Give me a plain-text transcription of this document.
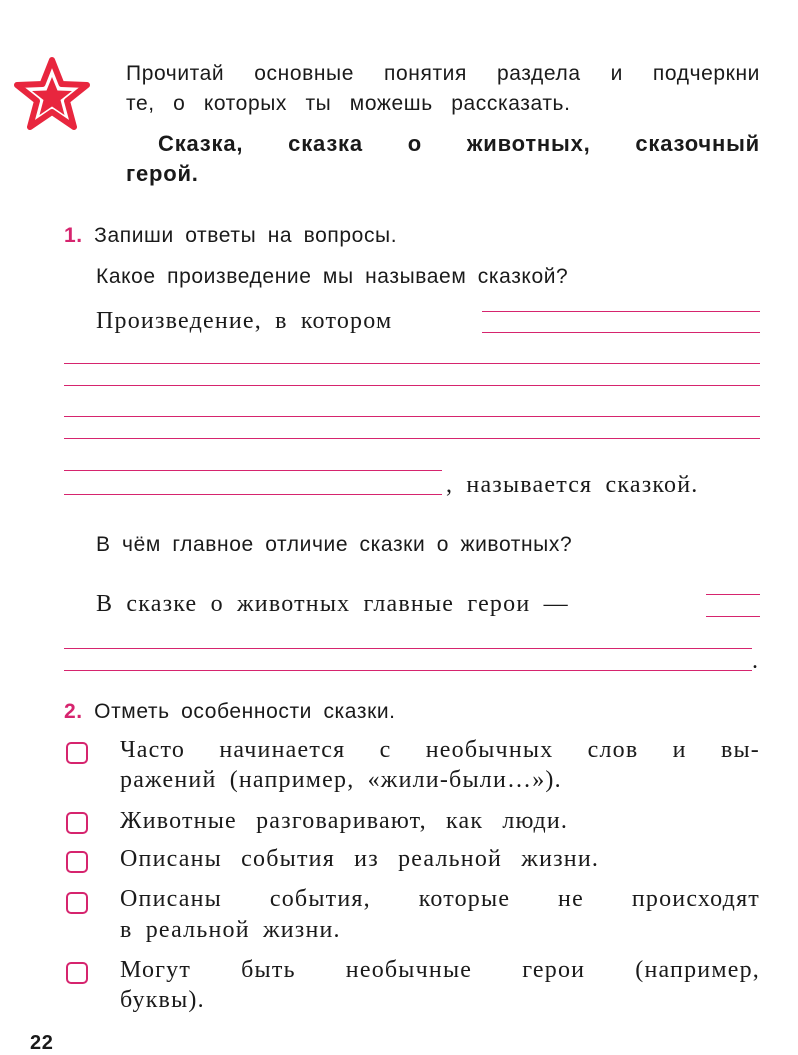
Прочитай основные понятия раздела и подчеркни
те, о которых ты можешь рассказать.
Сказка, сказка о животных, сказочный
герой.
1. Запиши ответы на вопросы.
Какое произведение мы называем сказкой?
Произведение, в котором
, называется сказкой.
В чём главное отличие сказки о животных?
В сказке о животных главные герои —
.
2. Отметь особенности сказки.
Часто начинается с необычных слов и вы-
ражений (например, «жили-были…»).
Животные разговаривают, как люди.
Описаны события из реальной жизни.
Описаны события, которые не происходят
в реальной жизни.
Могут быть необычные герои (например,
буквы).
22
